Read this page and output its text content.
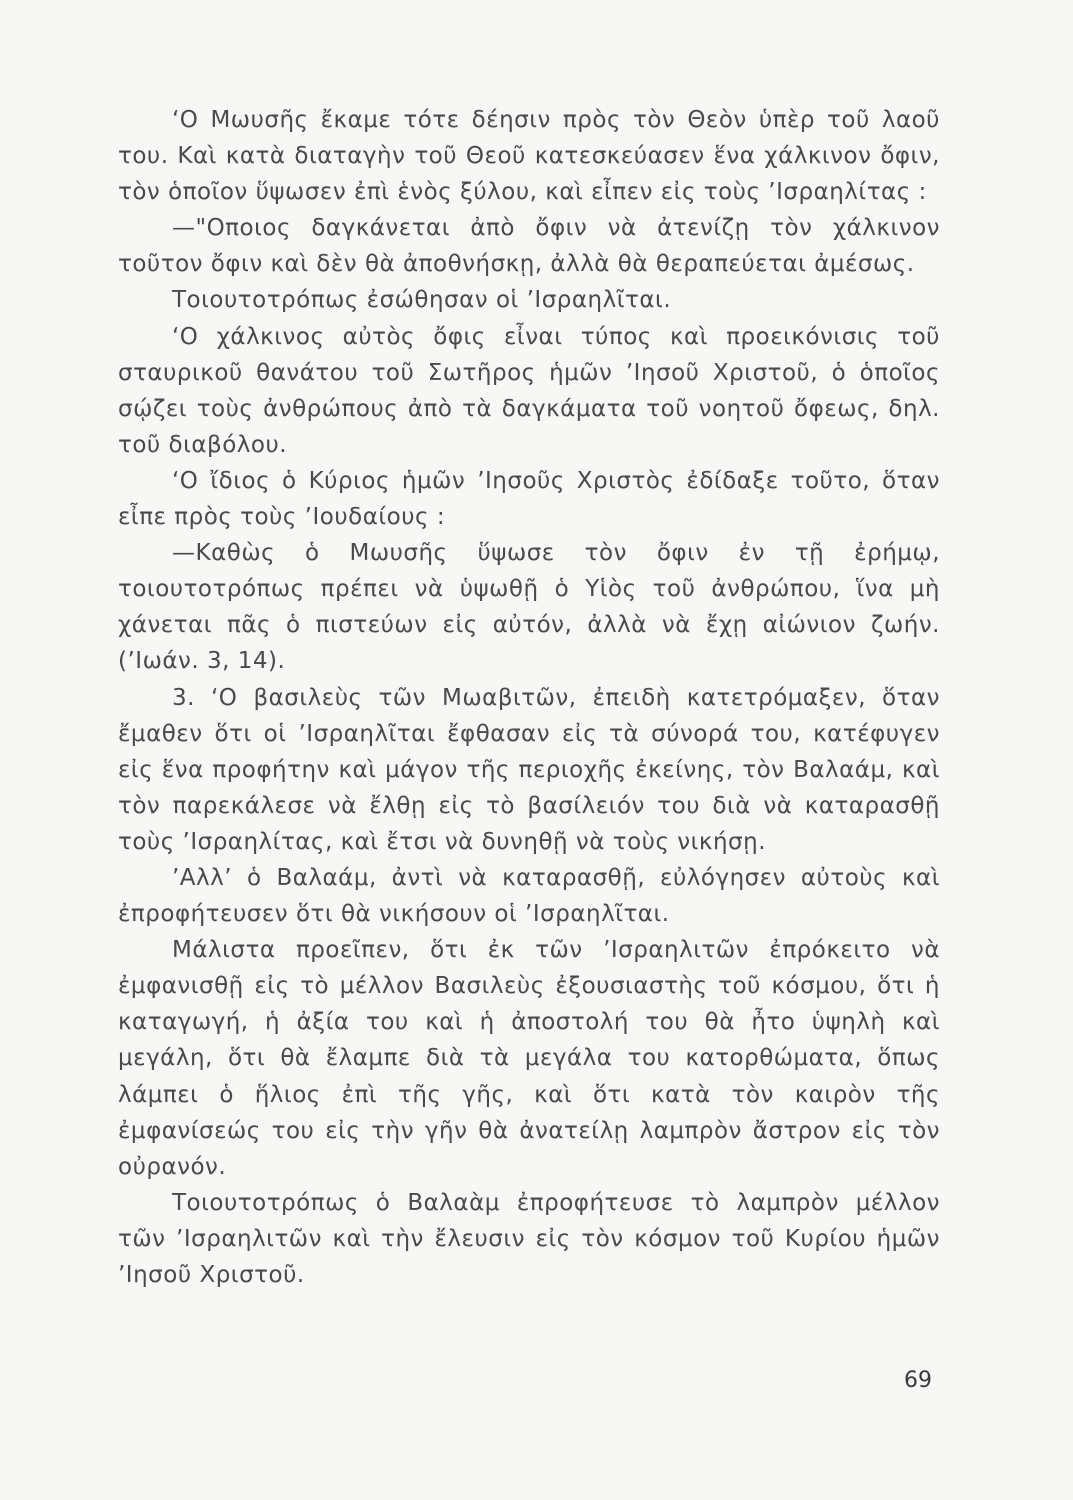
‘Ο Μωυσῆς ἔκαμε τότε δέησιν πρὸς τὸν Θεὸν ὑπὲρ τοῦ λαοῦ του. Καὶ κατὰ διαταγὴν τοῦ Θεοῦ κατεσκεύασεν ἕνα χάλκινον ὄφιν, τὸν ὁποῖον ὕψωσεν ἐπὶ ἑνὸς ξύλου, καὶ εἶπεν εἰς τοὺς ’Ισραηλίτας :

—"Οποιος δαγκάνεται ἀπὸ ὄφιν νὰ ἀτενίζῃ τὸν χάλκινον τοῦτον ὄφιν καὶ δὲν θὰ ἀποθνήσκῃ, ἀλλὰ θὰ θεραπεύεται ἀμέσως.

Τοιουτοτρόπως ἐσώθησαν οἱ ’Ισραηλῖται.

‘Ο χάλκινος αὐτὸς ὄφις εἶναι τύπος καὶ προεικόνισις τοῦ σταυρικοῦ θανάτου τοῦ Σωτῆρος ἡμῶν ’Ιησοῦ Χριστοῦ, ὁ ὁποῖος σῴζει τοὺς ἀνθρώπους ἀπὸ τὰ δαγκάματα τοῦ νοητοῦ ὄφεως, δηλ. τοῦ διαβόλου.

‘Ο ἴδιος ὁ Κύριος ἡμῶν ’Ιησοῦς Χριστὸς ἐδίδαξε τοῦτο, ὅταν εἶπε πρὸς τοὺς ’Ιουδαίους :

—Καθὼς ὁ Μωυσῆς ὕψωσε τὸν ὄφιν ἐν τῇ ἐρήμῳ, τοιουτοτρόπως πρέπει νὰ ὑψωθῇ ὁ Υἱὸς τοῦ ἀνθρώπου, ἵνα μὴ χάνεται πᾶς ὁ πιστεύων εἰς αὐτόν, ἀλλὰ νὰ ἔχῃ αἰώνιον ζωήν. (’Ιωάν. 3, 14).

3. ‘Ο βασιλεὺς τῶν Μωαβιτῶν, ἐπειδὴ κατετρόμαξεν, ὅταν ἔμαθεν ὅτι οἱ ’Ισραηλῖται ἔφθασαν εἰς τὰ σύνορά του, κατέφυγεν εἰς ἕνα προφήτην καὶ μάγον τῆς περιοχῆς ἐκείνης, τὸν Βαλαάμ, καὶ τὸν παρεκάλεσε νὰ ἔλθῃ εἰς τὸ βασίλειόν του διὰ νὰ καταρασθῇ τοὺς ’Ισραηλίτας, καὶ ἔτσι νὰ δυνηθῇ νὰ τοὺς νικήσῃ.

’Αλλ’ ὁ Βαλαάμ, ἀντὶ νὰ καταρασθῇ, εὐλόγησεν αὐτοὺς καὶ ἐπροφήτευσεν ὅτι θὰ νικήσουν οἱ ’Ισραηλῖται.

Μάλιστα προεῖπεν, ὅτι ἐκ τῶν ’Ισραηλιτῶν ἐπρόκειτο νὰ ἐμφανισθῇ εἰς τὸ μέλλον Βασιλεὺς ἐξουσιαστὴς τοῦ κόσμου, ὅτι ἡ καταγωγή, ἡ ἀξία του καὶ ἡ ἀποστολή του θὰ ἦτο ὑψηλὴ καὶ μεγάλη, ὅτι θὰ ἔλαμπε διὰ τὰ μεγάλα του κατορθώματα, ὅπως λάμπει ὁ ἥλιος ἐπὶ τῆς γῆς, καὶ ὅτι κατὰ τὸν καιρὸν τῆς ἐμφανίσεώς του εἰς τὴν γῆν θὰ ἀνατείλῃ λαμπρὸν ἄστρον εἰς τὸν οὐρανόν.

Τοιουτοτρόπως ὁ Βαλαὰμ ἐπροφήτευσε τὸ λαμπρὸν μέλλον τῶν ’Ισραηλιτῶν καὶ τὴν ἔλευσιν εἰς τὸν κόσμον τοῦ Κυρίου ἡμῶν ’Ιησοῦ Χριστοῦ.

69
